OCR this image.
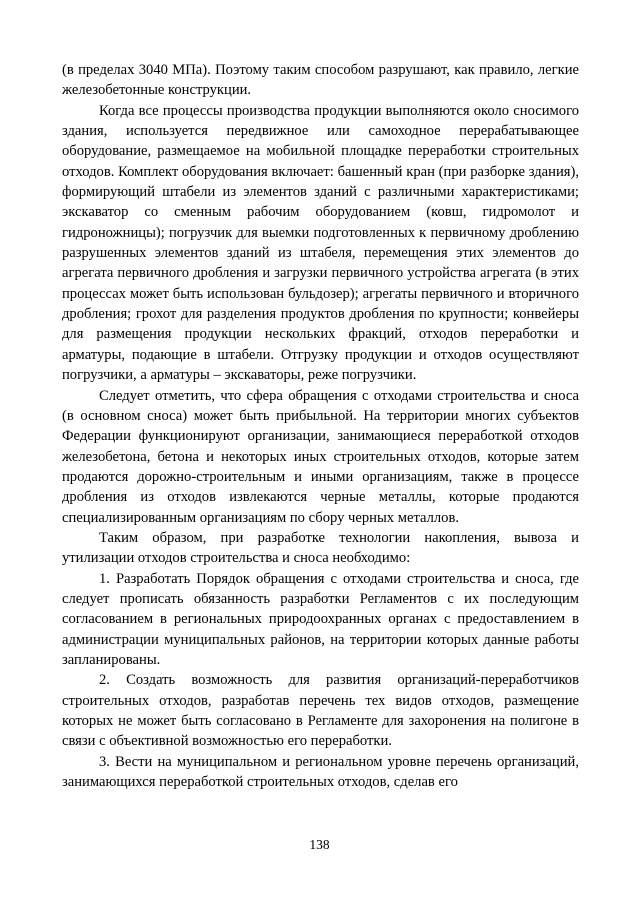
(в пределах 3040 МПа). Поэтому таким способом разрушают, как правило, легкие железобетонные конструкции.

Когда все процессы производства продукции выполняются около сносимого здания, используется передвижное или самоходное перерабатывающее оборудование, размещаемое на мобильной площадке переработки строительных отходов. Комплект оборудования включает: башенный кран (при разборке здания), формирующий штабели из элементов зданий с различными характеристиками; экскаватор со сменным рабочим оборудованием (ковш, гидромолот и гидроножницы); погрузчик для выемки подготовленных к первичному дроблению разрушенных элементов зданий из штабеля, перемещения этих элементов до агрегата первичного дробления и загрузки первичного устройства агрегата (в этих процессах может быть использован бульдозер); агрегаты первичного и вторичного дробления; грохот для разделения продуктов дробления по крупности; конвейеры для размещения продукции нескольких фракций, отходов переработки и арматуры, подающие в штабели. Отгрузку продукции и отходов осуществляют погрузчики, а арматуры – экскаваторы, реже погрузчики.

Следует отметить, что сфера обращения с отходами строительства и сноса (в основном сноса) может быть прибыльной. На территории многих субъектов Федерации функционируют организации, занимающиеся переработкой отходов железобетона, бетона и некоторых иных строительных отходов, которые затем продаются дорожно-строительным и иными организациям, также в процессе дробления из отходов извлекаются черные металлы, которые продаются специализированным организациям по сбору черных металлов.

Таким образом, при разработке технологии накопления, вывоза и утилизации отходов строительства и сноса необходимо:

1. Разработать Порядок обращения с отходами строительства и сноса, где следует прописать обязанность разработки Регламентов с их последующим согласованием в региональных природоохранных органах с предоставлением в администрации муниципальных районов, на территории которых данные работы запланированы.

2. Создать возможность для развития организаций-переработчиков строительных отходов, разработав перечень тех видов отходов, размещение которых не может быть согласовано в Регламенте для захоронения на полигоне в связи с объективной возможностью его переработки.

3. Вести на муниципальном и региональном уровне перечень организаций, занимающихся переработкой строительных отходов, сделав его

138
